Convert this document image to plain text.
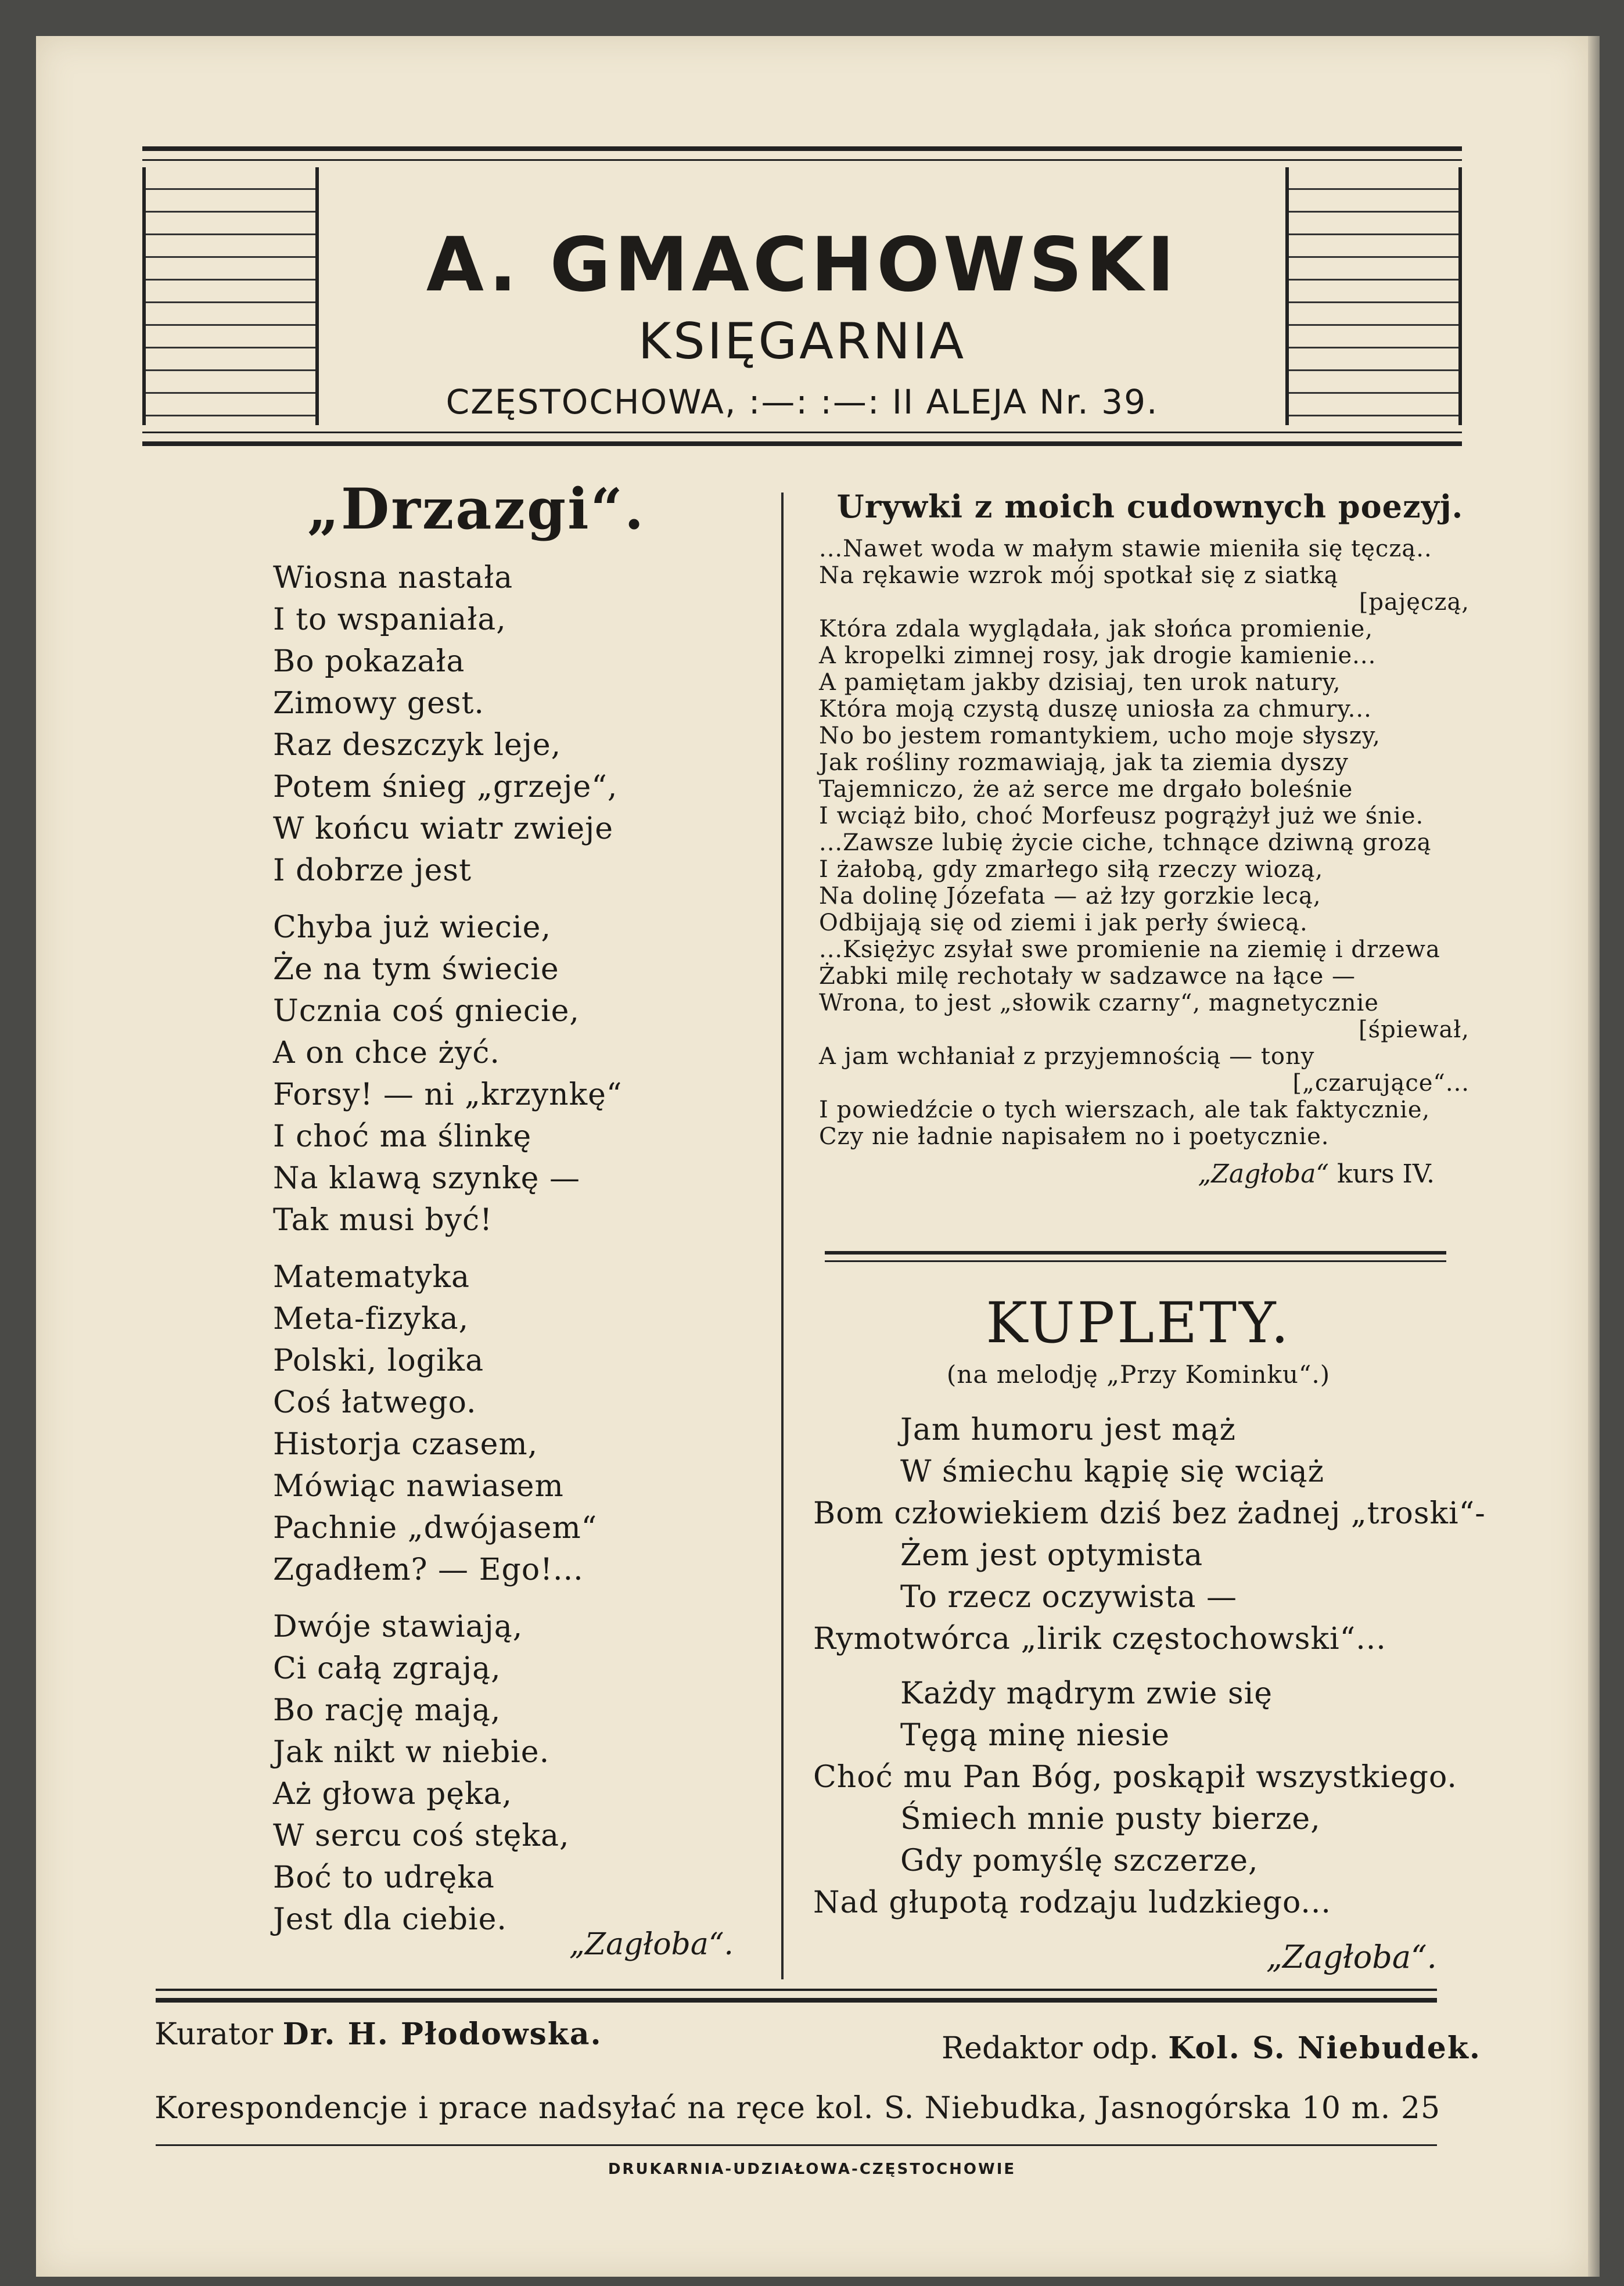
A. GMACHOWSKI
KSIĘGARNIA
CZĘSTOCHOWA, :—: :—: II ALEJA Nr. 39.
„Drzazgi“.
Wiosna nastała
I to wspaniała,
Bo pokazała
Zimowy gest.
Raz deszczyk leje,
Potem śnieg „grzeje“,
W końcu wiatr zwieje
I dobrze jest
Chyba już wiecie,
Że na tym świecie
Ucznia coś gniecie,
A on chce żyć.
Forsy! — ni „krzynkę“
I choć ma ślinkę
Na klawą szynkę —
Tak musi być!
Matematyka
Meta-fizyka,
Polski, logika
Coś łatwego.
Historja czasem,
Mówiąc nawiasem
Pachnie „dwójasem“
Zgadłem? — Ego!...
Dwóje stawiają,
Ci całą zgrają,
Bo rację mają,
Jak nikt w niebie.
Aż głowa pęka,
W sercu coś stęka,
Boć to udręka
Jest dla ciebie.
„Zagłoba“.
Urywki z moich cudownych poezyj.
...Nawet woda w małym stawie mieniła się tęczą..
Na rękawie wzrok mój spotkał się z siatką
[pajęczą,
Która zdala wyglądała, jak słońca promienie,
A kropelki zimnej rosy, jak drogie kamienie...
A pamiętam jakby dzisiaj, ten urok natury,
Która moją czystą duszę uniosła za chmury...
No bo jestem romantykiem, ucho moje słyszy,
Jak rośliny rozmawiają, jak ta ziemia dyszy
Tajemniczo, że aż serce me drgało boleśnie
I wciąż biło, choć Morfeusz pogrążył już we śnie.
...Zawsze lubię życie ciche, tchnące dziwną grozą
I żałobą, gdy zmarłego siłą rzeczy wiozą,
Na dolinę Józefata — aż łzy gorzkie lecą,
Odbijają się od ziemi i jak perły świecą.
...Księżyc zsyłał swe promienie na ziemię i drzewa
Żabki milę rechotały w sadzawce na łące —
Wrona, to jest „słowik czarny“, magnetycznie
[śpiewał,
A jam wchłaniał z przyjemnością — tony
[„czarujące“...
I powiedźcie o tych wierszach, ale tak faktycznie,
Czy nie ładnie napisałem no i poetycznie.
„Zagłoba“ kurs IV.
KUPLETY.
(na melodję „Przy Kominku“.)
Jam humoru jest mąż
W śmiechu kąpię się wciąż
Bom człowiekiem dziś bez żadnej „troski“-
Żem jest optymista
To rzecz oczywista —
Rymotwórca „lirik częstochowski“...
Każdy mądrym zwie się
Tęgą minę niesie
Choć mu Pan Bóg, poskąpił wszystkiego.
Śmiech mnie pusty bierze,
Gdy pomyślę szczerze,
Nad głupotą rodzaju ludzkiego...
„Zagłoba“.
Kurator Dr. H. Płodowska.	Redaktor odp. Kol. S. Niebudek.
Korespondencje i prace nadsyłać na ręce kol. S. Niebudka, Jasnogórska 10 m. 25
DRUKARNIA-UDZIAŁOWA-CZĘSTOCHOWIE
